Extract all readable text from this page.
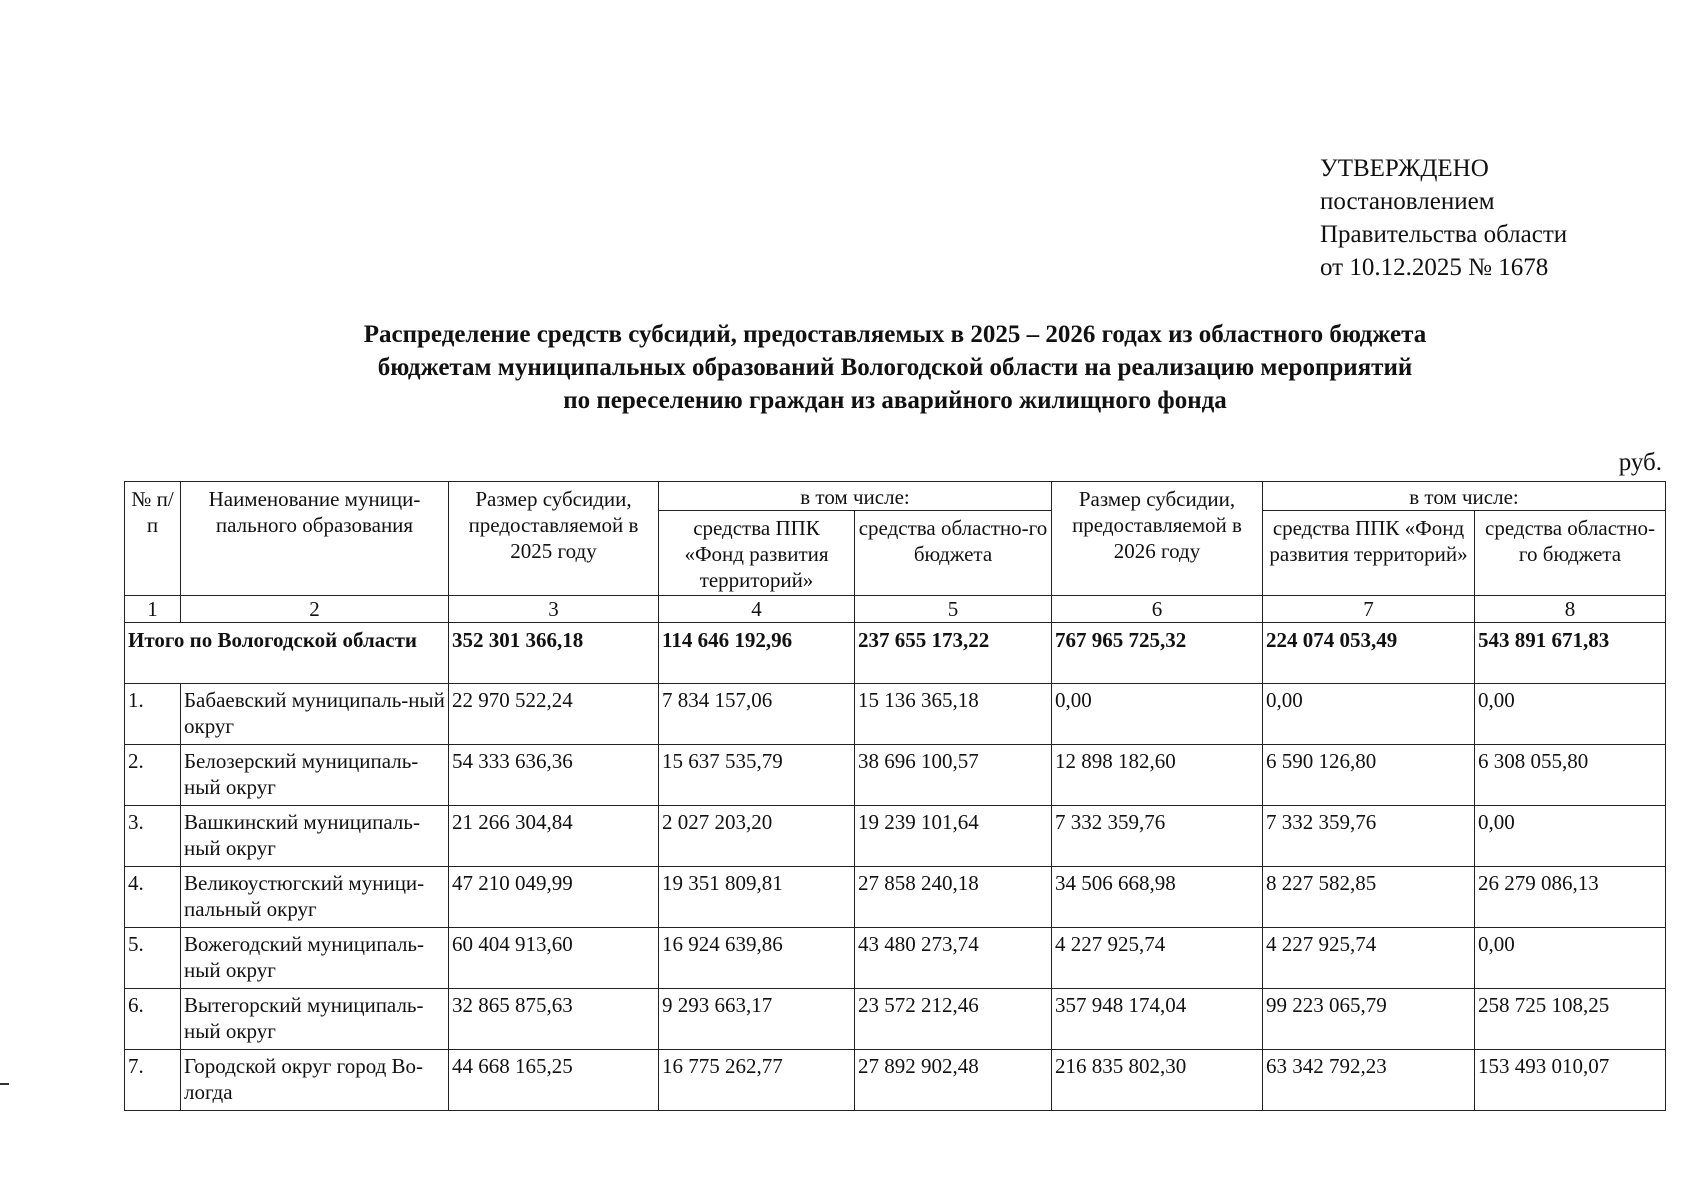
УТВЕРЖДЕНО
постановлением
Правительства области
от 10.12.2025 № 1678
Распределение средств субсидий, предоставляемых в 2025 – 2026 годах из областного бюджета
бюджетам муниципальных образований Вологодской области на реализацию мероприятий
по переселению граждан из аварийного жилищного фонда
руб.
№ п/п	Наименование муници-пального образования	Размер субсидии, предоставляемой в 2025 году	в том числе:		Размер субсидии, предоставляемой в 2026 году	в том числе:	
			средства ППК «Фонд развития территорий»	средства областно-го бюджета		средства ППК «Фонд развития территорий»	средства областно-го бюджета
1	2	3	4	5	6	7	8
Итого по Вологодской области		352 301 366,18	114 646 192,96	237 655 173,22	767 965 725,32	224 074 053,49	543 891 671,83
1.	Бабаевский муниципаль-ный округ	22 970 522,24	7 834 157,06	15 136 365,18	0,00	0,00	0,00
2.	Белозерский муниципаль-ный округ	54 333 636,36	15 637 535,79	38 696 100,57	12 898 182,60	6 590 126,80	6 308 055,80
3.	Вашкинский муниципаль-ный округ	21 266 304,84	2 027 203,20	19 239 101,64	7 332 359,76	7 332 359,76	0,00
4.	Великоустюгский муници-пальный округ	47 210 049,99	19 351 809,81	27 858 240,18	34 506 668,98	8 227 582,85	26 279 086,13
5.	Вожегодский муниципаль-ный округ	60 404 913,60	16 924 639,86	43 480 273,74	4 227 925,74	4 227 925,74	0,00
6.	Вытегорский муниципаль-ный округ	32 865 875,63	9 293 663,17	23 572 212,46	357 948 174,04	99 223 065,79	258 725 108,25
7.	Городской округ город Во-логда	44 668 165,25	16 775 262,77	27 892 902,48	216 835 802,30	63 342 792,23	153 493 010,07
